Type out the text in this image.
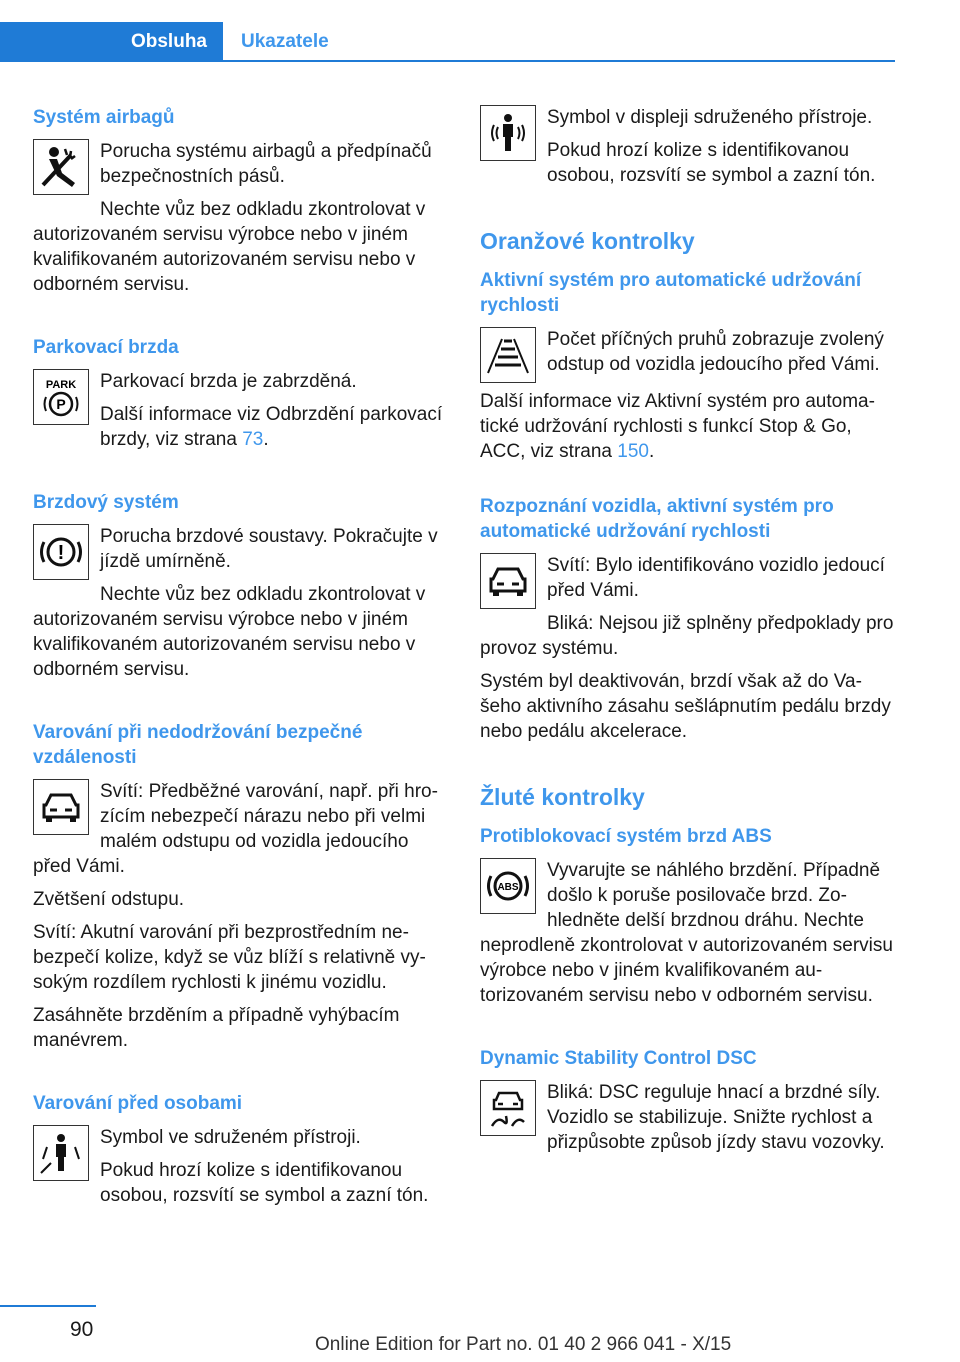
Obsluha	Ukazatele
Systém airbagů

Porucha systému airbagů a předpínačů bezpečnostních pásů.

Nechte vůz bez odkladu zkontrolovat v autorizovaném servisu výrobce nebo v jiném kvalifikovaném autorizovaném servisu nebo v odborném servisu.

Parkovací brzda
PARK
P

Parkovací brzda je zabrzděná.

Další informace viz Odbrzdění parkovací brzdy, viz strana 73.

Brzdový systém
!

Porucha brzdové soustavy. Pokračujte v jízdě umírněně.

Nechte vůz bez odkladu zkontrolovat v autorizovaném servisu výrobce nebo v jiném kvalifikovaném autorizovaném servisu nebo v odborném servisu.

Varování při nedodržování bezpečné vzdálenosti

Svítí: Předběžné varování, např. při hrozícím nebezpečí nárazu nebo při velmi malém odstupu od vozidla jedoucího před Vámi.

Zvětšení odstupu.

Svítí: Akutní varování při bezprostředním nebezpečí kolize, když se vůz blíží s relativně vysokým rozdílem rychlosti k jinému vozidlu.

Zasáhněte brzděním a případně vyhýbacím manévrem.

Varování před osobami

Symbol ve sdruženém přístroji.

Pokud hrozí kolize s identifikovanou osobou, rozsvítí se symbol a zazní tón.

Symbol v displeji sdruženého přístroje.

Pokud hrozí kolize s identifikovanou osobou, rozsvítí se symbol a zazní tón.

Oranžové kontrolky
Aktivní systém pro automatické udržování rychlosti

Počet příčných pruhů zobrazuje zvolený odstup od vozidla jedoucího před Vámi.

Další informace viz Aktivní systém pro automatické udržování rychlosti s funkcí Stop & Go, ACC, viz strana 150.

Rozpoznání vozidla, aktivní systém pro automatické udržování rychlosti

Svítí: Bylo identifikováno vozidlo jedoucí před Vámi.

Bliká: Nejsou již splněny předpoklady pro provoz systému.

Systém byl deaktivován, brzdí však až do Vašeho aktivního zásahu sešlápnutím pedálu brzdy nebo pedálu akcelerace.

Žluté kontrolky
Protiblokovací systém brzd ABS
ABS

Vyvarujte se náhlého brzdění. Případně došlo k poruše posilovače brzd. Zohledněte delší brzdnou dráhu. Nechte neprodleně zkontrolovat v autorizovaném servisu výrobce nebo v jiném kvalifikovaném autorizovaném servisu nebo v odborném servisu.

Dynamic Stability Control DSC

Bliká: DSC reguluje hnací a brzdné síly. Vozidlo se stabilizuje. Snižte rychlost a přizpůsobte způsob jízdy stavu vozovky.

90
Online Edition for Part no. 01 40 2 966 041 - X/15
